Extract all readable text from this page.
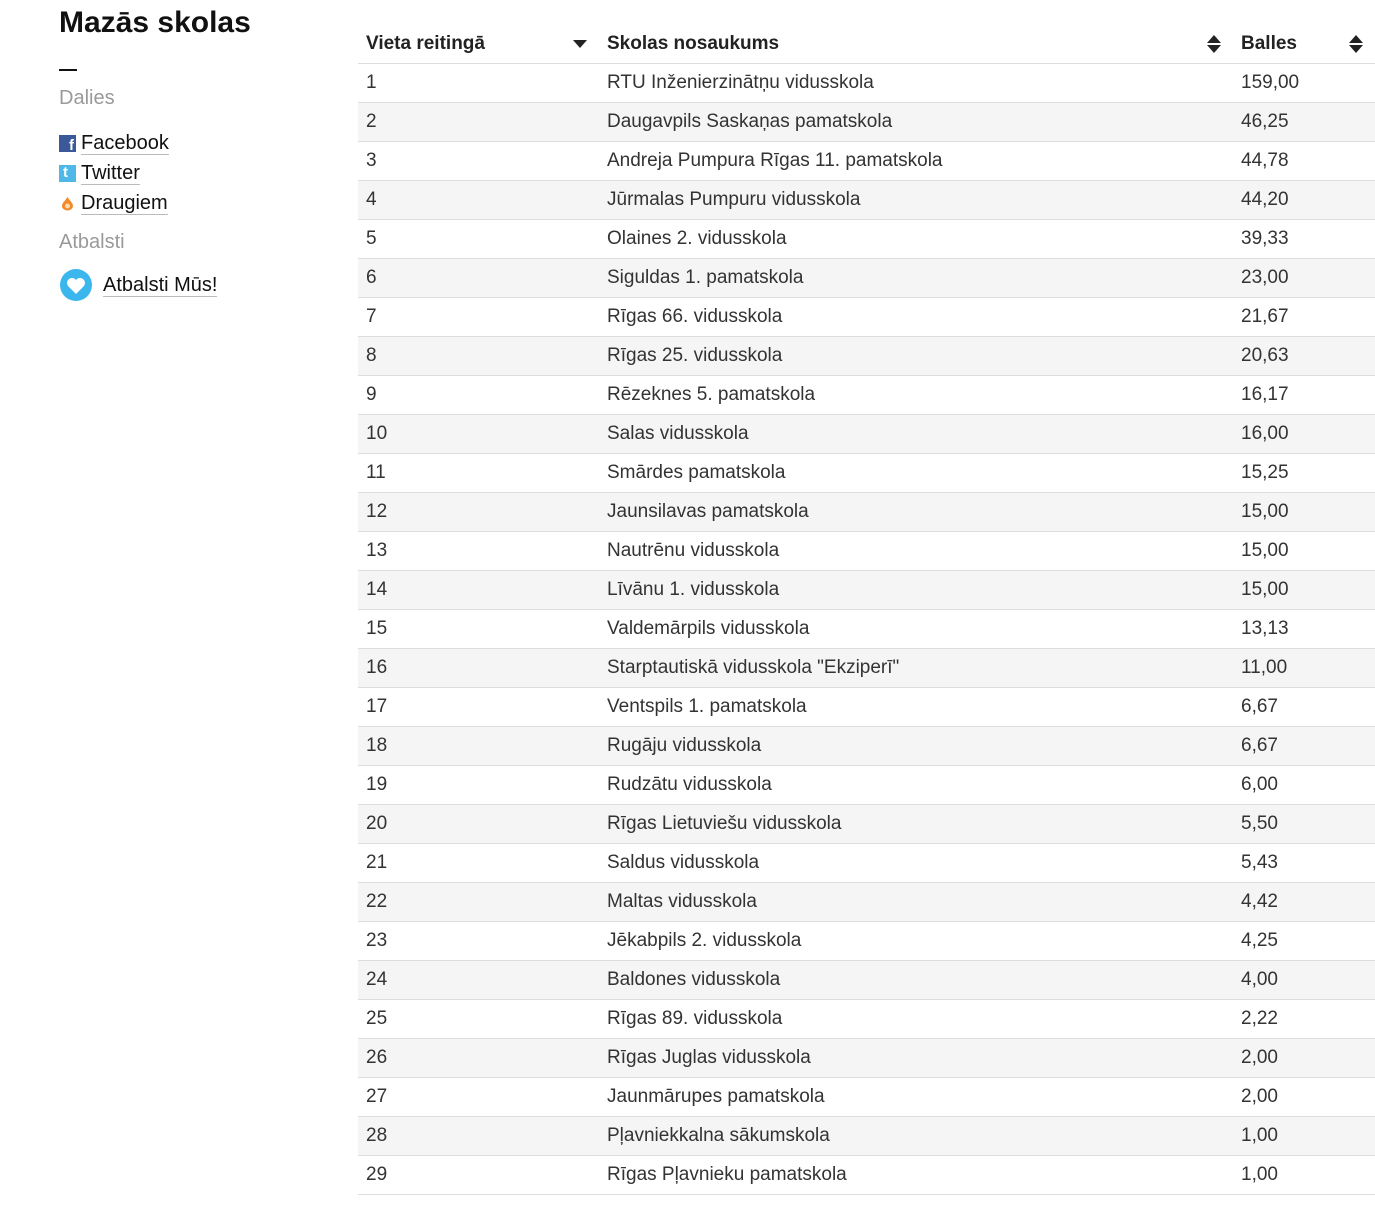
Mazās skolas
Dalies
f
Facebook
t
Twitter
Draugiem
Atbalsti
Atbalsti Mūs!
Vieta reitingā	Skolas nosaukums	Balles

1	RTU Inženierzinātņu vidusskola	159,00
2	Daugavpils Saskaņas pamatskola	46,25
3	Andreja Pumpura Rīgas 11. pamatskola	44,78
4	Jūrmalas Pumpuru vidusskola	44,20
5	Olaines 2. vidusskola	39,33
6	Siguldas 1. pamatskola	23,00
7	Rīgas 66. vidusskola	21,67
8	Rīgas 25. vidusskola	20,63
9	Rēzeknes 5. pamatskola	16,17
10	Salas vidusskola	16,00
11	Smārdes pamatskola	15,25
12	Jaunsilavas pamatskola	15,00
13	Nautrēnu vidusskola	15,00
14	Līvānu 1. vidusskola	15,00
15	Valdemārpils vidusskola	13,13
16	Starptautiskā vidusskola "Ekziperī"	11,00
17	Ventspils 1. pamatskola	6,67
18	Rugāju vidusskola	6,67
19	Rudzātu vidusskola	6,00
20	Rīgas Lietuviešu vidusskola	5,50
21	Saldus vidusskola	5,43
22	Maltas vidusskola	4,42
23	Jēkabpils 2. vidusskola	4,25
24	Baldones vidusskola	4,00
25	Rīgas 89. vidusskola	2,22
26	Rīgas Juglas vidusskola	2,00
27	Jaunmārupes pamatskola	2,00
28	Pļavniekkalna sākumskola	1,00
29	Rīgas Pļavnieku pamatskola	1,00
